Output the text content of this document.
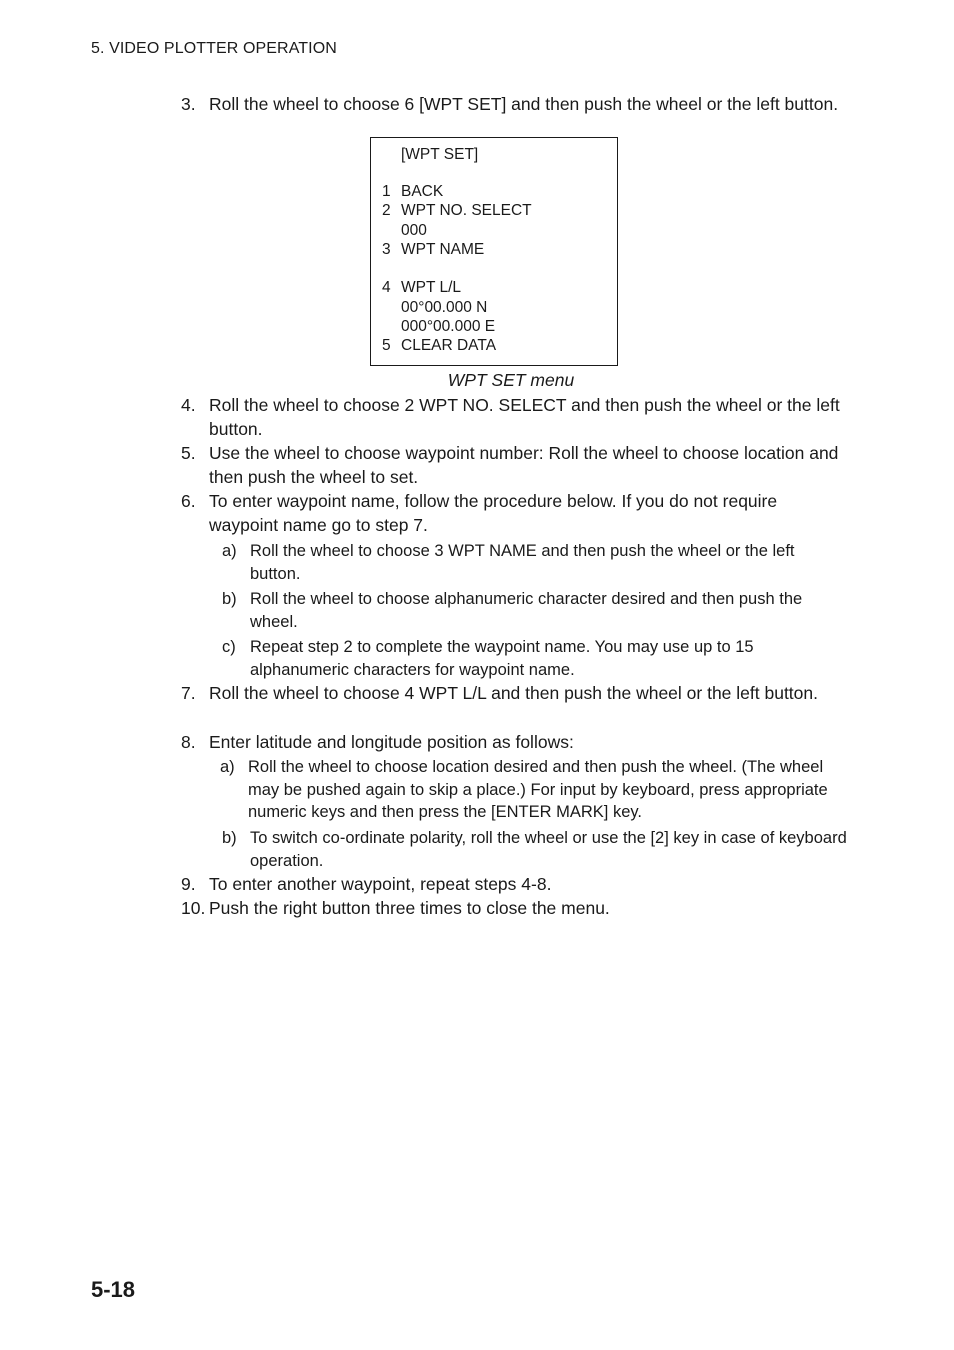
5. VIDEO PLOTTER OPERATION
3. Roll the wheel to choose 6 [WPT SET] and then push the wheel or the left button.
[WPT SET]
1 BACK
2 WPT NO. SELECT
000
3 WPT NAME
4 WPT L/L
00°00.000 N
000°00.000 E
5 CLEAR DATA
WPT SET menu
4. Roll the wheel to choose 2 WPT NO. SELECT and then push the wheel or the left button.
5. Use the wheel to choose waypoint number: Roll the wheel to choose location and then push the wheel to set.
6. To enter waypoint name, follow the procedure below. If you do not require waypoint name go to step 7.
a) Roll the wheel to choose 3 WPT NAME and then push the wheel or the left button.
b) Roll the wheel to choose alphanumeric character desired and then push the wheel.
c) Repeat step 2 to complete the waypoint name. You may use up to 15 alphanumeric characters for waypoint name.
7. Roll the wheel to choose 4 WPT L/L and then push the wheel or the left button.
8. Enter latitude and longitude position as follows:
a) Roll the wheel to choose location desired and then push the wheel. (The wheel may be pushed again to skip a place.) For input by keyboard, press appropriate numeric keys and then press the [ENTER MARK] key.
b) To switch co-ordinate polarity, roll the wheel or use the [2] key in case of keyboard operation.
9. To enter another waypoint, repeat steps 4-8.
10. Push the right button three times to close the menu.
5-18
